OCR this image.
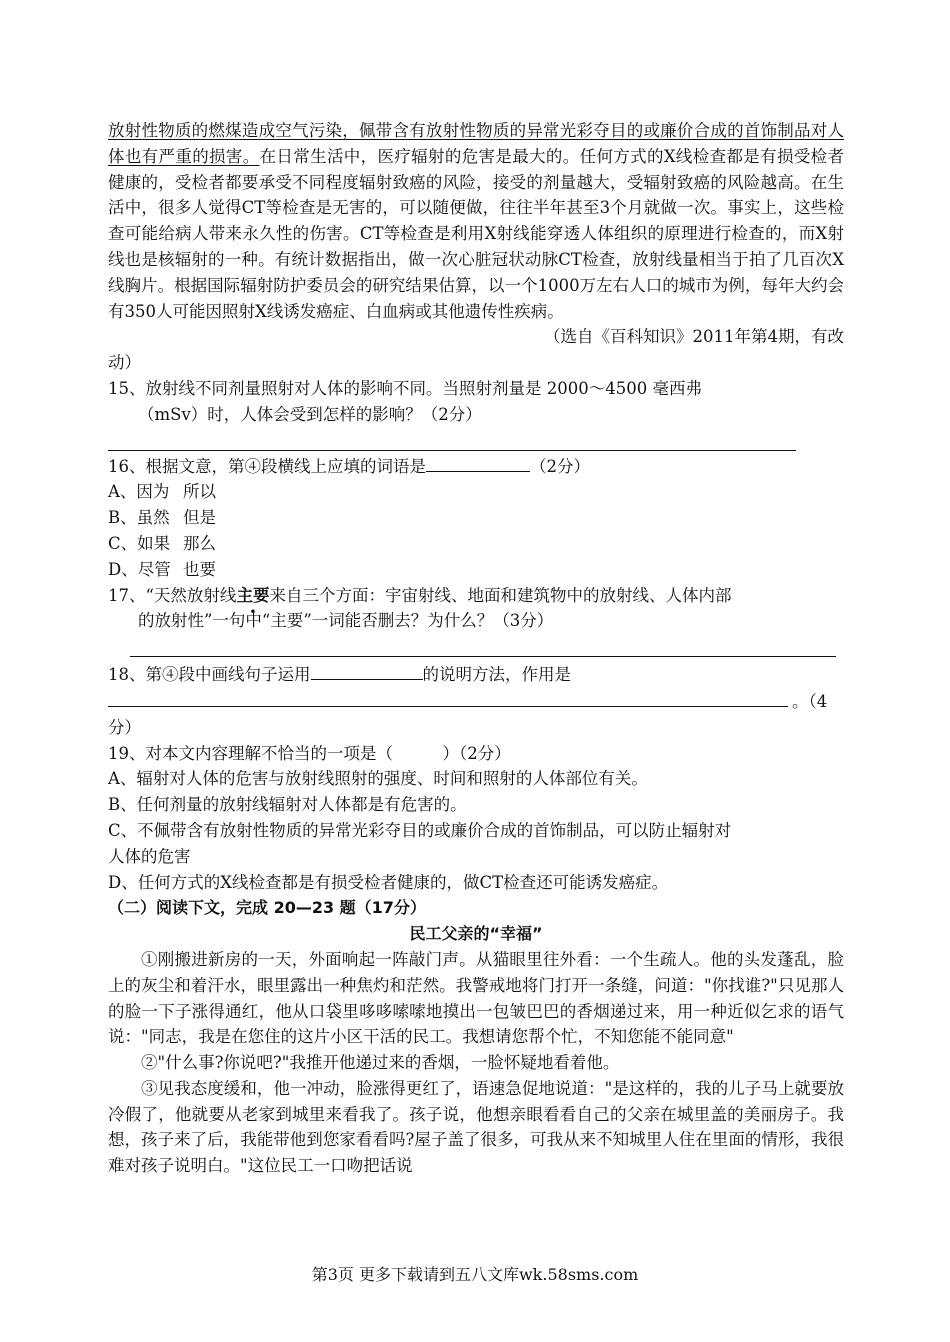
放射性物质的燃煤造成空气污染，佩带含有放射性物质的异常光彩夺目的或廉价合成的首饰制品对人体也有严重的损害。在日常生活中，医疗辐射的危害是最大的。任何方式的X线检查都是有损受检者健康的，受检者都要承受不同程度辐射致癌的风险，接受的剂量越大，受辐射致癌的风险越高。在生活中，很多人觉得CT等检查是无害的，可以随便做，往往半年甚至3个月就做一次。事实上，这些检查可能给病人带来永久性的伤害。CT等检查是利用X射线能穿透人体组织的原理进行检查的，而X射线也是核辐射的一种。有统计数据指出，做一次心脏冠状动脉CT检查，放射线量相当于拍了几百次X线胸片。根据国际辐射防护委员会的研究结果估算，以一个1000万左右人口的城市为例，每年大约会有350人可能因照射X线诱发癌症、白血病或其他遗传性疾病。

（选自《百科知识》2011年第4期，有改

动）

15、放射线不同剂量照射对人体的影响不同。当照射剂量是 2000～4500 毫西弗

（mSv）时，人体会受到怎样的影响？（2分）

16、根据文意，第④段横线上应填的词语是	（2分）

A、因为 所以
B、虽然 但是
C、如果 那么
D、尽管 也要

17、“天然放射线主要来自三个方面：宇宙射线、地面和建筑物中的放射线、人体内部

的放射性”一句中“主要”一词能否删去？为什么？（3分）

18、第④段中画线句子运用	的说明方法，作用是

。（4

分）

19、对本文内容理解不恰当的一项是（　　　）（2分）

A、辐射对人体的危害与放射线照射的强度、时间和照射的人体部位有关。

B、任何剂量的放射线辐射对人体都是有危害的。

C、不佩带含有放射性物质的异常光彩夺目的或廉价合成的首饰制品，可以防止辐射对

人体的危害

D、任何方式的X线检查都是有损受检者健康的，做CT检查还可能诱发癌症。

（二）阅读下文，完成 20—23 题（17分）

民工父亲的“幸福”

①刚搬进新房的一天，外面响起一阵敲门声。从猫眼里往外看：一个生疏人。他的头发蓬乱，脸上的灰尘和着汗水，眼里露出一种焦灼和茫然。我警戒地将门打开一条缝，问道："你找谁?"只见那人的脸一下子涨得通红，他从口袋里哆哆嗦嗦地摸出一包皱巴巴的香烟递过来，用一种近似乞求的语气说："同志，我是在您住的这片小区干活的民工。我想请您帮个忙，不知您能不能同意"

②"什么事?你说吧?"我推开他递过来的香烟，一脸怀疑地看着他。

③见我态度缓和，他一冲动，脸涨得更红了，语速急促地说道："是这样的，我的儿子马上就要放冷假了，他就要从老家到城里来看我了。孩子说，他想亲眼看看自己的父亲在城里盖的美丽房子。我想，孩子来了后，我能带他到您家看看吗?屋子盖了很多，可我从来不知城里人住在里面的情形，我很难对孩子说明白。"这位民工一口吻把话说

第3页 更多下载请到五八文库wk.58sms.com
